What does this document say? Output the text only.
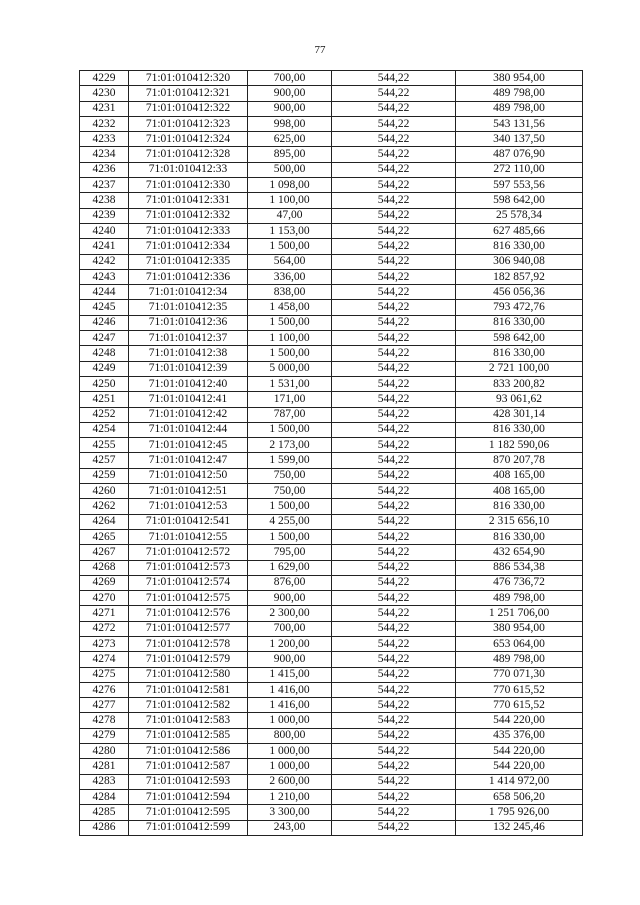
77
4229	71:01:010412:320	700,00	544,22	380 954,00
4230	71:01:010412:321	900,00	544,22	489 798,00
4231	71:01:010412:322	900,00	544,22	489 798,00
4232	71:01:010412:323	998,00	544,22	543 131,56
4233	71:01:010412:324	625,00	544,22	340 137,50
4234	71:01:010412:328	895,00	544,22	487 076,90
4236	71:01:010412:33	500,00	544,22	272 110,00
4237	71:01:010412:330	1 098,00	544,22	597 553,56
4238	71:01:010412:331	1 100,00	544,22	598 642,00
4239	71:01:010412:332	47,00	544,22	25 578,34
4240	71:01:010412:333	1 153,00	544,22	627 485,66
4241	71:01:010412:334	1 500,00	544,22	816 330,00
4242	71:01:010412:335	564,00	544,22	306 940,08
4243	71:01:010412:336	336,00	544,22	182 857,92
4244	71:01:010412:34	838,00	544,22	456 056,36
4245	71:01:010412:35	1 458,00	544,22	793 472,76
4246	71:01:010412:36	1 500,00	544,22	816 330,00
4247	71:01:010412:37	1 100,00	544,22	598 642,00
4248	71:01:010412:38	1 500,00	544,22	816 330,00
4249	71:01:010412:39	5 000,00	544,22	2 721 100,00
4250	71:01:010412:40	1 531,00	544,22	833 200,82
4251	71:01:010412:41	171,00	544,22	93 061,62
4252	71:01:010412:42	787,00	544,22	428 301,14
4254	71:01:010412:44	1 500,00	544,22	816 330,00
4255	71:01:010412:45	2 173,00	544,22	1 182 590,06
4257	71:01:010412:47	1 599,00	544,22	870 207,78
4259	71:01:010412:50	750,00	544,22	408 165,00
4260	71:01:010412:51	750,00	544,22	408 165,00
4262	71:01:010412:53	1 500,00	544,22	816 330,00
4264	71:01:010412:541	4 255,00	544,22	2 315 656,10
4265	71:01:010412:55	1 500,00	544,22	816 330,00
4267	71:01:010412:572	795,00	544,22	432 654,90
4268	71:01:010412:573	1 629,00	544,22	886 534,38
4269	71:01:010412:574	876,00	544,22	476 736,72
4270	71:01:010412:575	900,00	544,22	489 798,00
4271	71:01:010412:576	2 300,00	544,22	1 251 706,00
4272	71:01:010412:577	700,00	544,22	380 954,00
4273	71:01:010412:578	1 200,00	544,22	653 064,00
4274	71:01:010412:579	900,00	544,22	489 798,00
4275	71:01:010412:580	1 415,00	544,22	770 071,30
4276	71:01:010412:581	1 416,00	544,22	770 615,52
4277	71:01:010412:582	1 416,00	544,22	770 615,52
4278	71:01:010412:583	1 000,00	544,22	544 220,00
4279	71:01:010412:585	800,00	544,22	435 376,00
4280	71:01:010412:586	1 000,00	544,22	544 220,00
4281	71:01:010412:587	1 000,00	544,22	544 220,00
4283	71:01:010412:593	2 600,00	544,22	1 414 972,00
4284	71:01:010412:594	1 210,00	544,22	658 506,20
4285	71:01:010412:595	3 300,00	544,22	1 795 926,00
4286	71:01:010412:599	243,00	544,22	132 245,46
